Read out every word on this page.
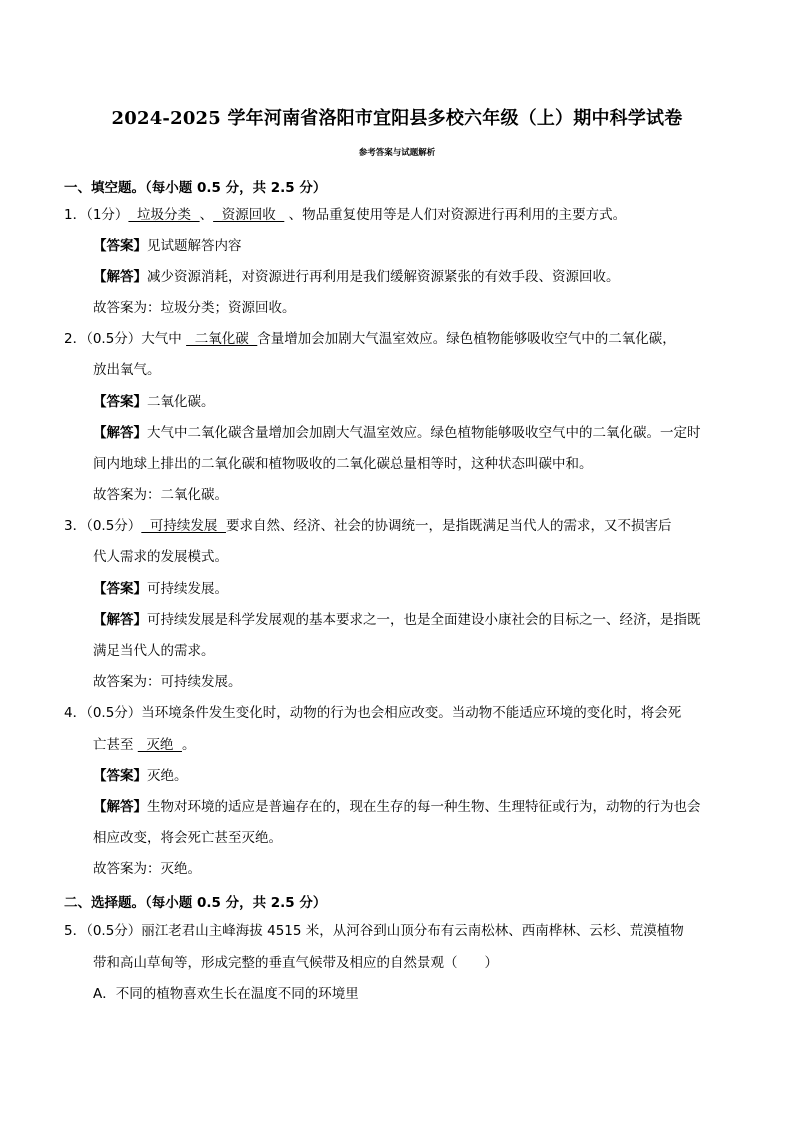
2024-2025 学年河南省洛阳市宜阳县多校六年级（上）期中科学试卷
参考答案与试题解析
一、填空题。（每小题 0.5 分，共 2.5 分）
1．（1分）  垃圾分类  、  资源回收   、物品重复使用等是人们对资源进行再利用的主要方式。
【答案】见试题解答内容
【解答】减少资源消耗，对资源进行再利用是我们缓解资源紧张的有效手段、资源回收。
故答案为：垃圾分类；资源回收。
2．（0.5分）大气中   二氧化碳  含量增加会加剧大气温室效应。绿色植物能够吸收空气中的二氧化碳，
放出氧气。
【答案】二氧化碳。
【解答】大气中二氧化碳含量增加会加剧大气温室效应。绿色植物能够吸收空气中的二氧化碳。一定时
间内地球上排出的二氧化碳和植物吸收的二氧化碳总量相等时，这种状态叫碳中和。
故答案为：二氧化碳。
3．（0.5分）  可持续发展  要求自然、经济、社会的协调统一，是指既满足当代人的需求，又不损害后
代人需求的发展模式。
【答案】可持续发展。
【解答】可持续发展是科学发展观的基本要求之一，也是全面建设小康社会的目标之一、经济，是指既
满足当代人的需求。
故答案为：可持续发展。
4．（0.5分）当环境条件发生变化时，动物的行为也会相应改变。当动物不能适应环境的变化时，将会死
亡甚至   灭绝  。
【答案】灭绝。
【解答】生物对环境的适应是普遍存在的，现在生存的每一种生物、生理特征或行为，动物的行为也会
相应改变，将会死亡甚至灭绝。
故答案为：灭绝。
二、选择题。（每小题 0.5 分，共 2.5 分）
5．（0.5分）丽江老君山主峰海拔 4515 米，从河谷到山顶分布有云南松林、西南桦林、云杉、荒漠植物
带和高山草甸等，形成完整的垂直气候带及相应的自然景观（　　）
A．不同的植物喜欢生长在温度不同的环境里
